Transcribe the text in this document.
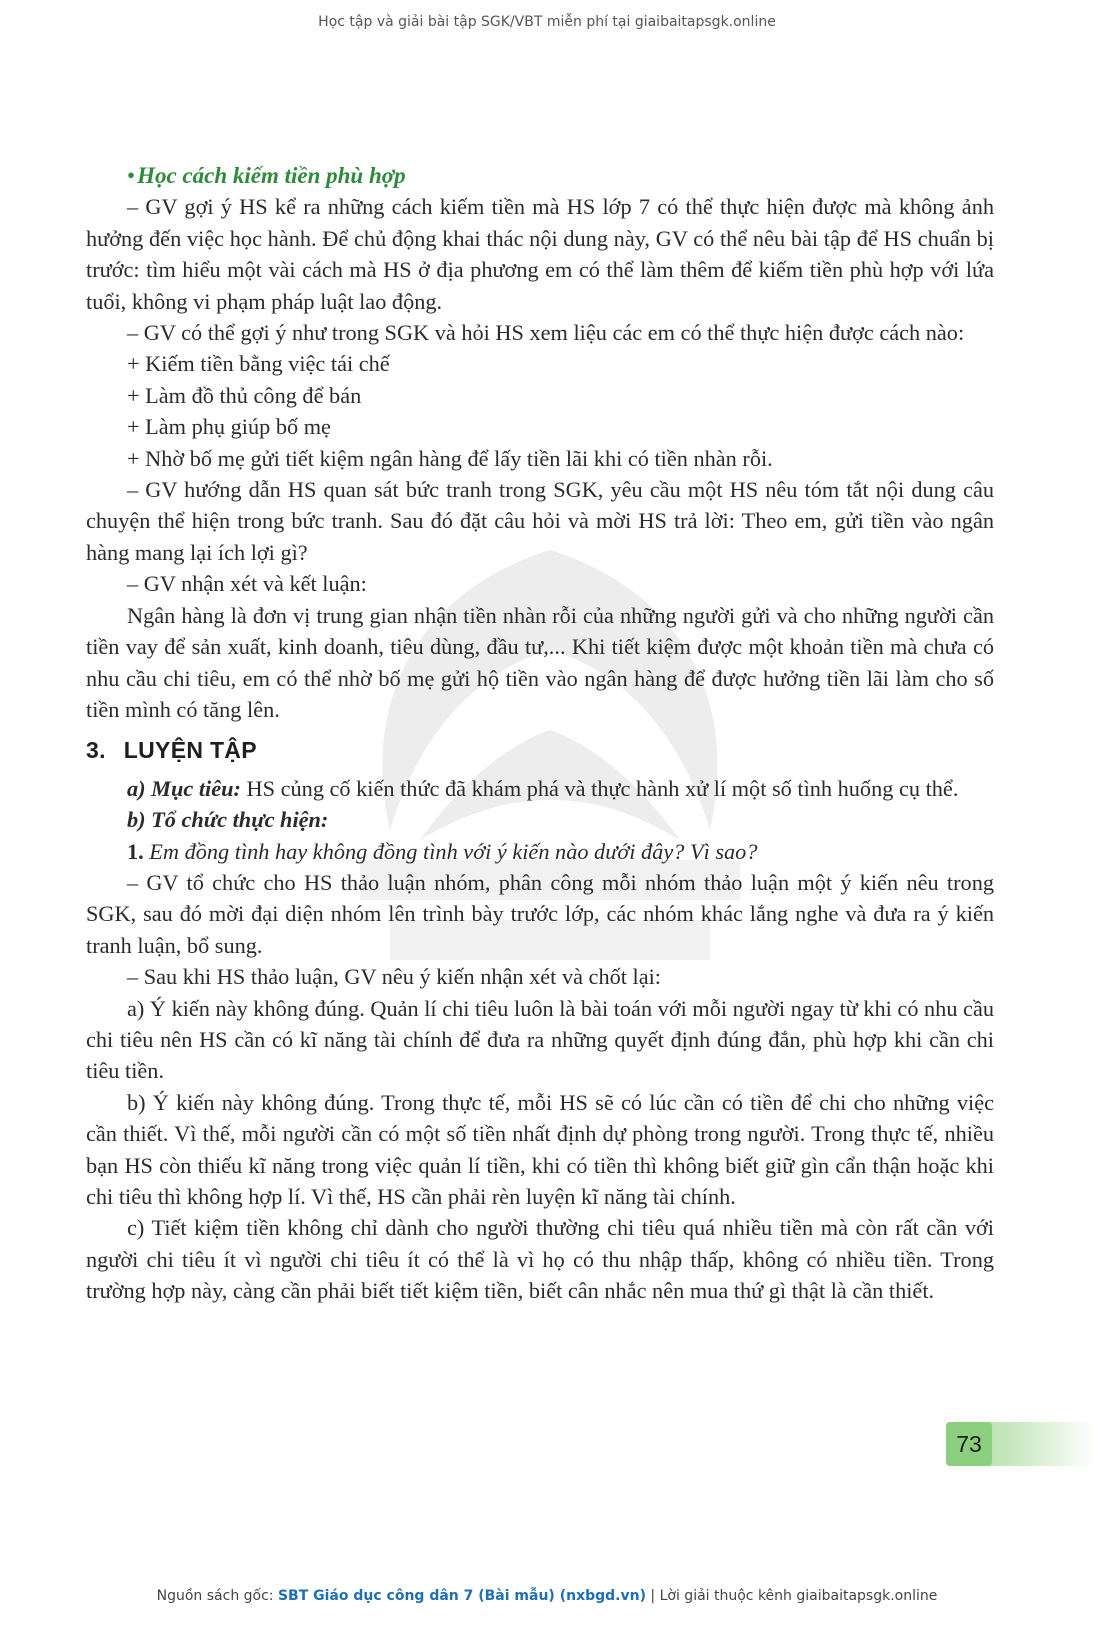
Học tập và giải bài tập SGK/VBT miễn phí tại giaibaitapsgk.online

•Học cách kiếm tiền phù hợp

– GV gợi ý HS kể ra những cách kiếm tiền mà HS lớp 7 có thể thực hiện được mà không ảnh hưởng đến việc học hành. Để chủ động khai thác nội dung này, GV có thể nêu bài tập để HS chuẩn bị trước: tìm hiểu một vài cách mà HS ở địa phương em có thể làm thêm để kiếm tiền phù hợp với lứa tuổi, không vi phạm pháp luật lao động.

– GV có thể gợi ý như trong SGK và hỏi HS xem liệu các em có thể thực hiện được cách nào:

+ Kiếm tiền bằng việc tái chế

+ Làm đồ thủ công để bán

+ Làm phụ giúp bố mẹ

+ Nhờ bố mẹ gửi tiết kiệm ngân hàng để lấy tiền lãi khi có tiền nhàn rỗi.

– GV hướng dẫn HS quan sát bức tranh trong SGK, yêu cầu một HS nêu tóm tắt nội dung câu chuyện thể hiện trong bức tranh. Sau đó đặt câu hỏi và mời HS trả lời: Theo em, gửi tiền vào ngân hàng mang lại ích lợi gì?

– GV nhận xét và kết luận:

Ngân hàng là đơn vị trung gian nhận tiền nhàn rỗi của những người gửi và cho những người cần tiền vay để sản xuất, kinh doanh, tiêu dùng, đầu tư,... Khi tiết kiệm được một khoản tiền mà chưa có nhu cầu chi tiêu, em có thể nhờ bố mẹ gửi hộ tiền vào ngân hàng để được hưởng tiền lãi làm cho số tiền mình có tăng lên.

3. LUYỆN TẬP

a) Mục tiêu: HS củng cố kiến thức đã khám phá và thực hành xử lí một số tình huống cụ thể.

b) Tổ chức thực hiện:

1. Em đồng tình hay không đồng tình với ý kiến nào dưới đây? Vì sao?

– GV tổ chức cho HS thảo luận nhóm, phân công mỗi nhóm thảo luận một ý kiến nêu trong SGK, sau đó mời đại diện nhóm lên trình bày trước lớp, các nhóm khác lắng nghe và đưa ra ý kiến tranh luận, bổ sung.

– Sau khi HS thảo luận, GV nêu ý kiến nhận xét và chốt lại:

a) Ý kiến này không đúng. Quản lí chi tiêu luôn là bài toán với mỗi người ngay từ khi có nhu cầu chi tiêu nên HS cần có kĩ năng tài chính để đưa ra những quyết định đúng đắn, phù hợp khi cần chi tiêu tiền.

b) Ý kiến này không đúng. Trong thực tế, mỗi HS sẽ có lúc cần có tiền để chi cho những việc cần thiết. Vì thế, mỗi người cần có một số tiền nhất định dự phòng trong người. Trong thực tế, nhiều bạn HS còn thiếu kĩ năng trong việc quản lí tiền, khi có tiền thì không biết giữ gìn cẩn thận hoặc khi chi tiêu thì không hợp lí. Vì thế, HS cần phải rèn luyện kĩ năng tài chính.

c) Tiết kiệm tiền không chỉ dành cho người thường chi tiêu quá nhiều tiền mà còn rất cần với người chi tiêu ít vì người chi tiêu ít có thể là vì họ có thu nhập thấp, không có nhiều tiền. Trong trường hợp này, càng cần phải biết tiết kiệm tiền, biết cân nhắc nên mua thứ gì thật là cần thiết.

73
Nguồn sách gốc: SBT Giáo dục công dân 7 (Bài mẫu) (nxbgd.vn) | Lời giải thuộc kênh giaibaitapsgk.online
